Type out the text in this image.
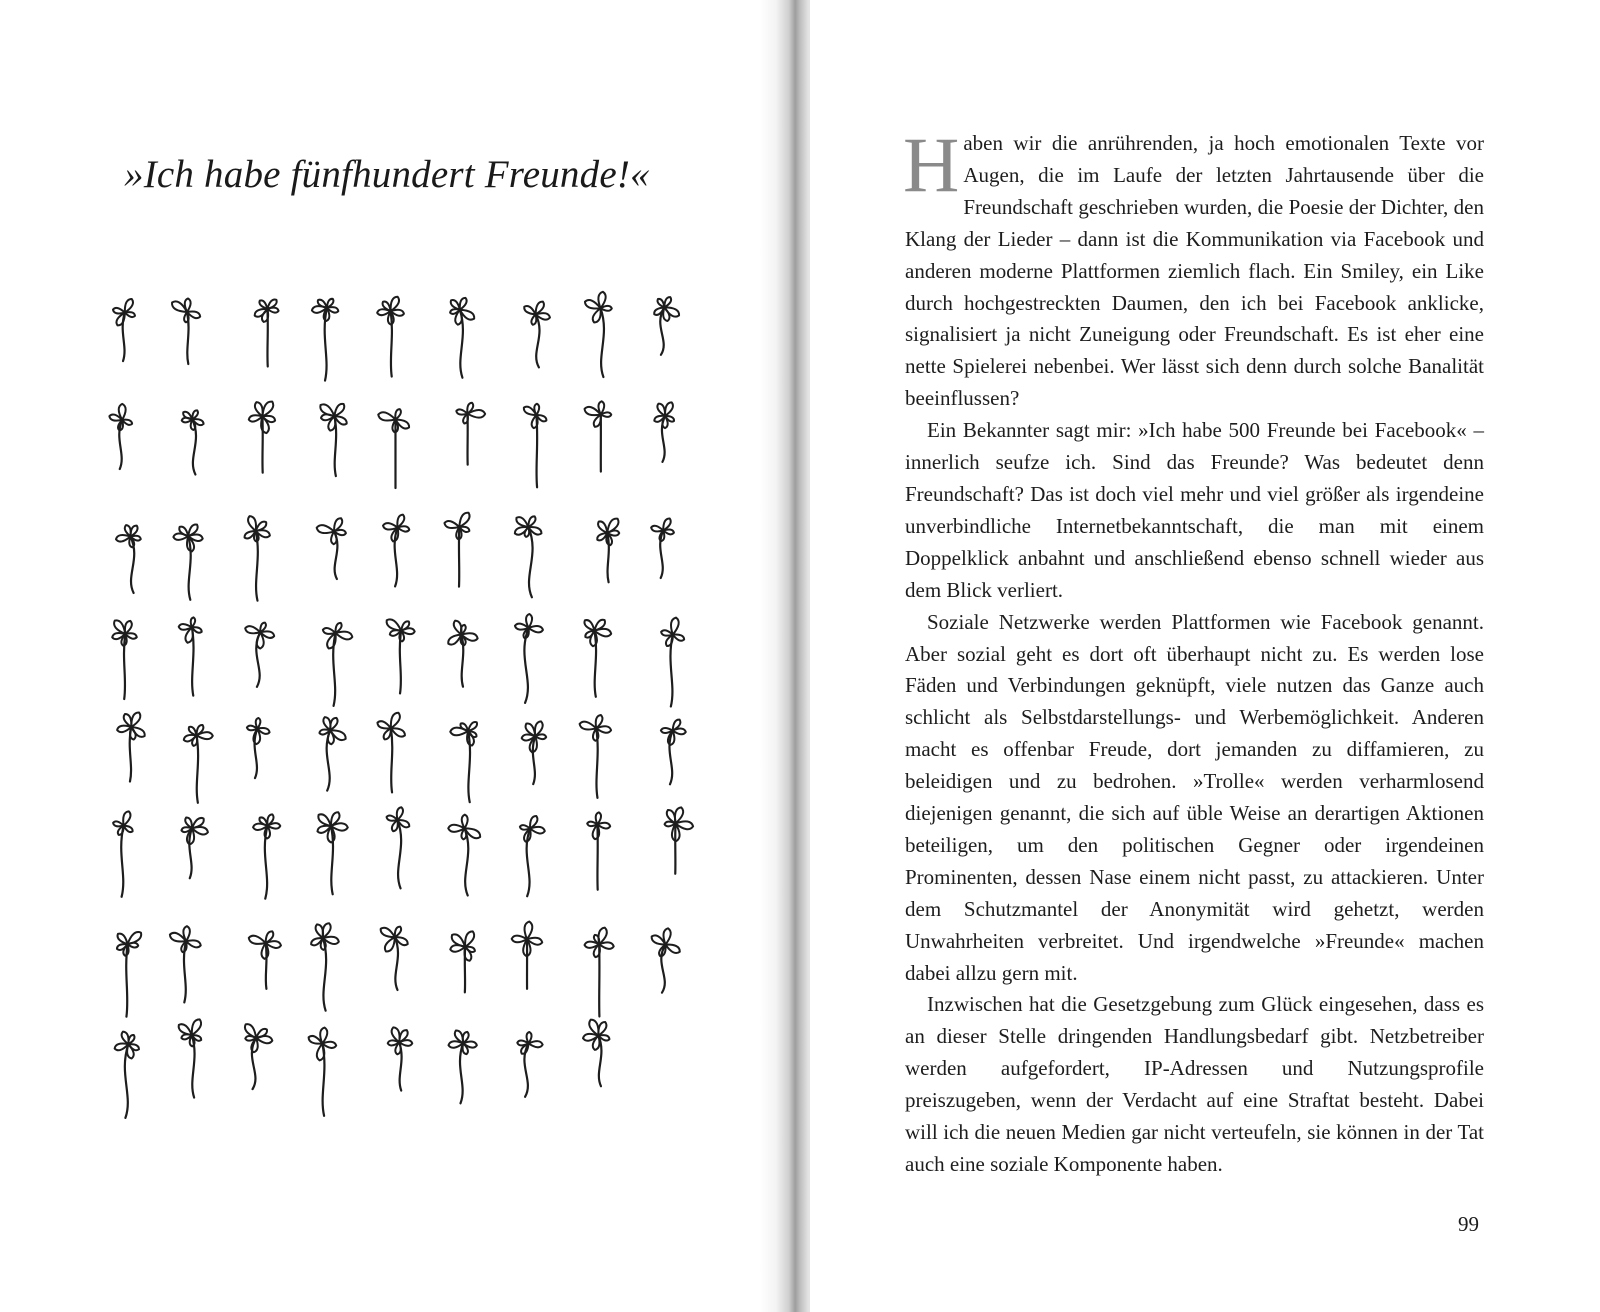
»Ich habe fünfhundert Freunde!«	Haben wir die anrührenden, ja hoch emotionalen Texte vor Augen, die im Laufe der letzten Jahrtausende über die Freundschaft geschrieben wurden, die Poesie der Dichter, den Klang der Lieder – dann ist die Kommunikation via Facebook und anderen moderne Plattformen ziemlich flach. Ein Smiley, ein Like durch hochgestreckten Daumen, den ich bei Facebook anklicke, signalisiert ja nicht Zuneigung oder Freundschaft. Es ist eher eine nette Spielerei nebenbei. Wer lässt sich denn durch solche Banalität beeinflussen?

Ein Bekannter sagt mir: »Ich habe 500 Freunde bei Facebook« – innerlich seufze ich. Sind das Freunde? Was bedeutet denn Freundschaft? Das ist doch viel mehr und viel größer als irgendeine unverbindliche Internetbekanntschaft, die man mit einem Doppelklick anbahnt und anschließend ebenso schnell wieder aus dem Blick verliert.

Soziale Netzwerke werden Plattformen wie Facebook genannt. Aber sozial geht es dort oft überhaupt nicht zu. Es werden lose Fäden und Verbindungen geknüpft, viele nutzen das Ganze auch schlicht als Selbstdarstellungs- und Werbemöglichkeit. Anderen macht es offenbar Freude, dort jemanden zu diffamieren, zu beleidigen und zu bedrohen. »Trolle« werden verharmlosend diejenigen genannt, die sich auf üble Weise an derartigen Aktionen beteiligen, um den politischen Gegner oder irgendeinen Prominenten, dessen Nase einem nicht passt, zu attackieren. Unter dem Schutzmantel der Anonymität wird gehetzt, werden Unwahrheiten verbreitet. Und irgendwelche »Freunde« machen dabei allzu gern mit.

Inzwischen hat die Gesetzgebung zum Glück eingesehen, dass es an dieser Stelle dringenden Handlungsbedarf gibt. Netzbetreiber werden aufgefordert, IP-Adressen und Nutzungsprofile preiszugeben, wenn der Verdacht auf eine Straftat besteht. Dabei will ich die neuen Medien gar nicht verteufeln, sie können in der Tat auch eine soziale Komponente haben.

99
